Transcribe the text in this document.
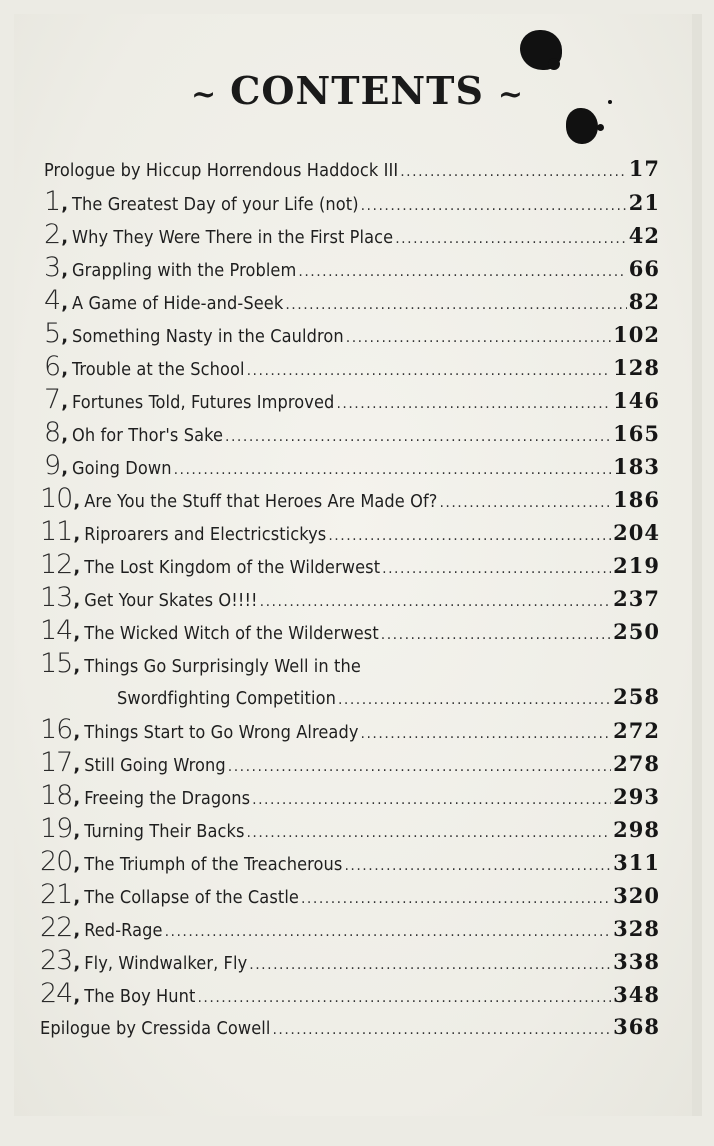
~ CONTENTS ~
Prologue by Hiccup Horrendous Haddock III .....	17
1 , The Greatest Day of your Life (not) .....	21
2 , Why They Were There in the First Place .....	42
3 , Grappling with the Problem .....	66
4 , A Game of Hide-and-Seek .....	82
5 , Something Nasty in the Cauldron .....	102
6 , Trouble at the School .....	128
7 , Fortunes Told, Futures Improved .....	146
8 , Oh for Thor's Sake .....	165
9 , Going Down .....	183
10 , Are You the Stuff that Heroes Are Made Of? .....	186
11 , Riproarers and Electricstickys .....	204
12 , The Lost Kingdom of the Wilderwest .....	219
13 , Get Your Skates O!!!! .....	237
14 , The Wicked Witch of the Wilderwest .....	250
15 , Things Go Surprisingly Well in the
Swordfighting Competition .....	258
16 , Things Start to Go Wrong Already .....	272
17 , Still Going Wrong .....	278
18 , Freeing the Dragons .....	293
19 , Turning Their Backs .....	298
20 , The Triumph of the Treacherous .....	311
21 , The Collapse of the Castle .....	320
22 , Red-Rage .....	328
23 , Fly, Windwalker, Fly .....	338
24 , The Boy Hunt .....	348
Epilogue by Cressida Cowell .....	368
